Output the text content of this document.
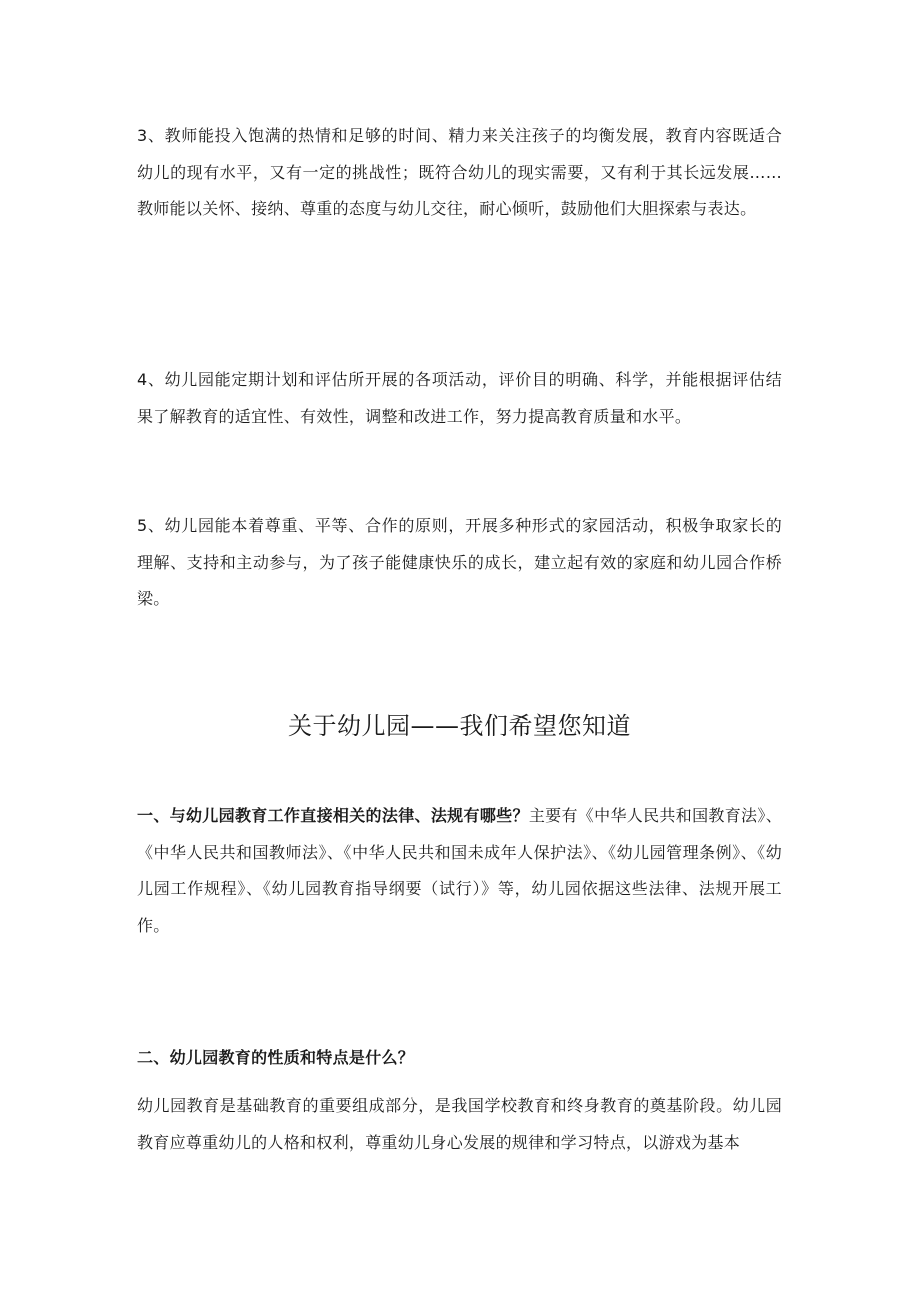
3、教师能投入饱满的热情和足够的时间、精力来关注孩子的均衡发展，教育内容既适合幼儿的现有水平，又有一定的挑战性；既符合幼儿的现实需要，又有利于其长远发展……教师能以关怀、接纳、尊重的态度与幼儿交往，耐心倾听，鼓励他们大胆探索与表达。

4、幼儿园能定期计划和评估所开展的各项活动，评价目的明确、科学，并能根据评估结果了解教育的适宜性、有效性，调整和改进工作，努力提高教育质量和水平。

5、幼儿园能本着尊重、平等、合作的原则，开展多种形式的家园活动，积极争取家长的理解、支持和主动参与，为了孩子能健康快乐的成长，建立起有效的家庭和幼儿园合作桥梁。

关于幼儿园——我们希望您知道

一、与幼儿园教育工作直接相关的法律、法规有哪些？主要有《中华人民共和国教育法》、《中华人民共和国教师法》、《中华人民共和国未成年人保护法》、《幼儿园管理条例》、《幼儿园工作规程》、《幼儿园教育指导纲要（试行）》等，幼儿园依据这些法律、法规开展工作。

二、幼儿园教育的性质和特点是什么？

幼儿园教育是基础教育的重要组成部分，是我国学校教育和终身教育的奠基阶段。幼儿园教育应尊重幼儿的人格和权利，尊重幼儿身心发展的规律和学习特点，以游戏为基本
